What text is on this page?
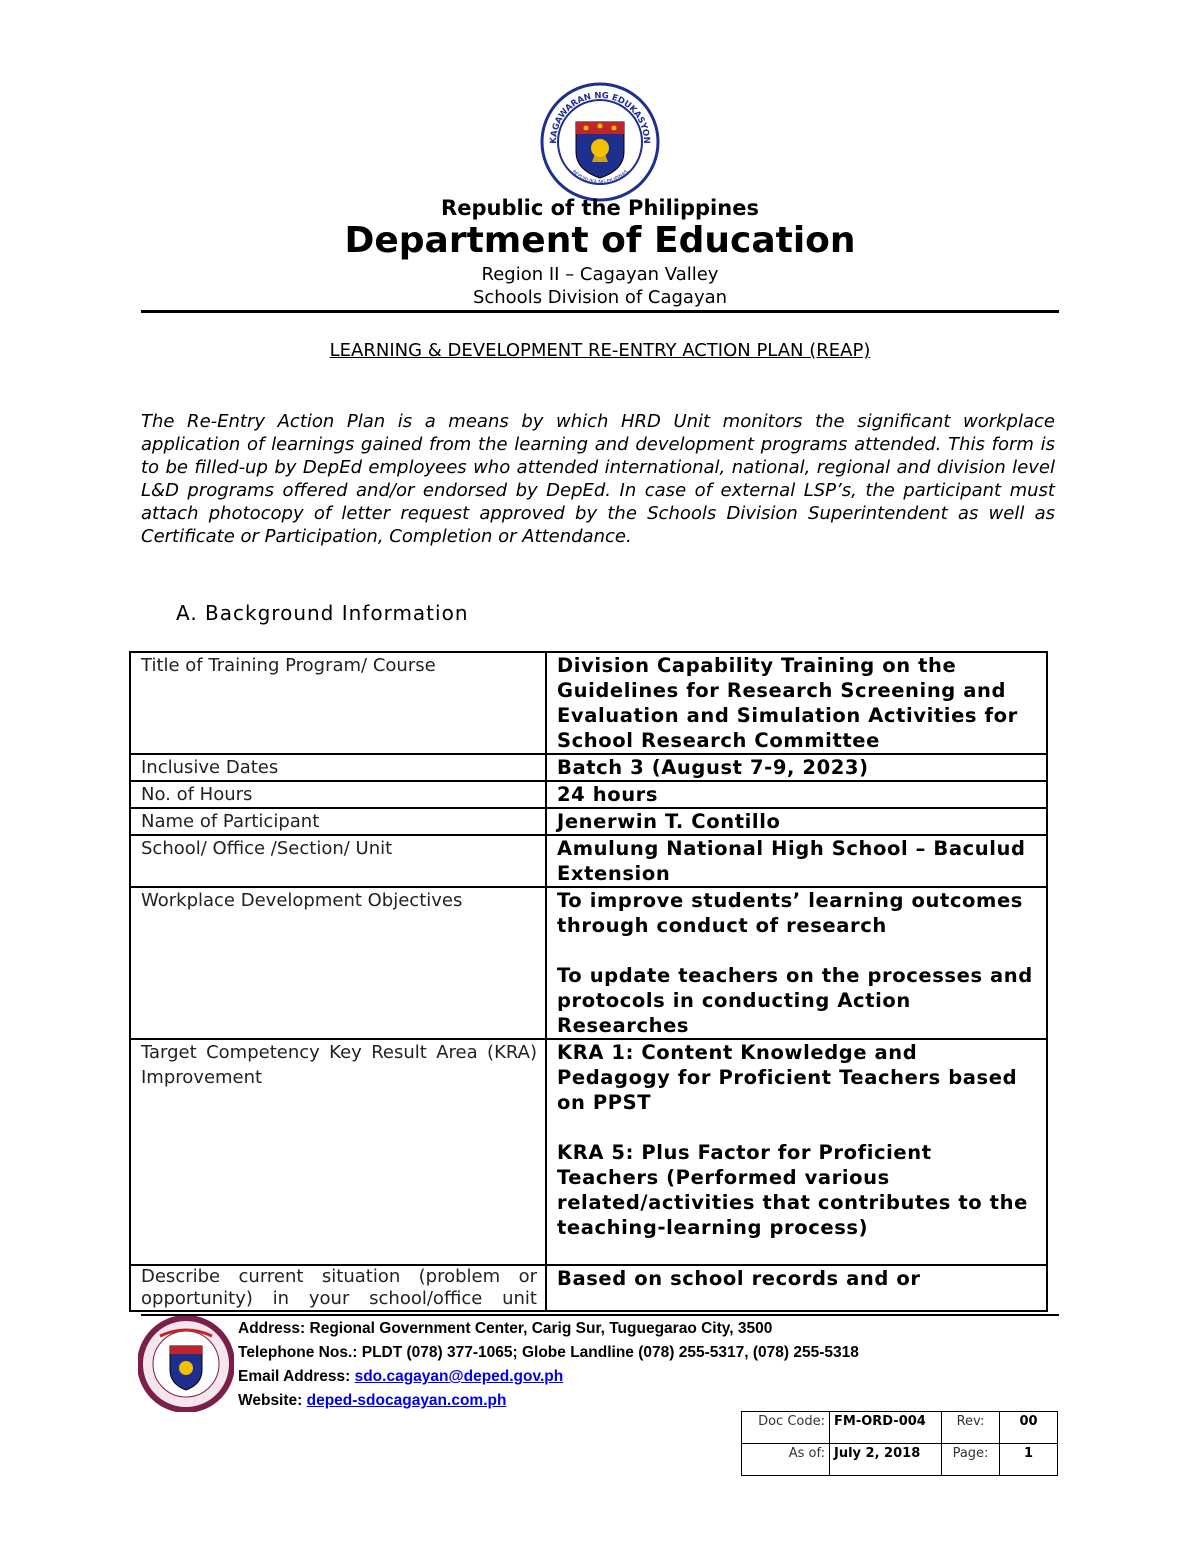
KAGAWARAN NG EDUKASYON
REPUBLIKA NG PILIPINAS
Republic of the Philippines
Department of Education
Region II – Cagayan Valley
Schools Division of Cagayan
LEARNING & DEVELOPMENT RE-ENTRY ACTION PLAN (REAP)
The Re-Entry Action Plan is a means by which HRD Unit monitors the significant workplace application of learnings gained from the learning and development programs attended. This form is to be filled-up by DepEd employees who attended international, national, regional and division level L&D programs offered and/or endorsed by DepEd. In case of external LSP’s, the participant must attach photocopy of letter request approved by the Schools Division Superintendent as well as Certificate or Participation, Completion or Attendance.
A. Background Information
Title of Training Program/ Course	Division Capability Training on the Guidelines for Research Screening and Evaluation and Simulation Activities for School Research Committee
Inclusive Dates	Batch 3 (August 7-9, 2023)
No. of Hours	24 hours
Name of Participant	Jenerwin T. Contillo
School/ Office /Section/ Unit	Amulung National High School – Baculud Extension
Workplace Development Objectives	To improve students’ learning outcomes through conduct of research
To update teachers on the processes and protocols in conducting Action Researches

Target Competency Key Result Area (KRA) Improvement	KRA 1: Content Knowledge and Pedagogy for Proficient Teachers based on PPST
KRA 5: Plus Factor for Proficient Teachers (Performed various related/activities that contributes to the teaching-learning process)

Describe current situation (problem or opportunity) in your school/office unit	Based on school records and or
Address: Regional Government Center, Carig Sur, Tuguegarao City, 3500
Telephone Nos.: PLDT (078) 377-1065; Globe Landline (078) 255-5317, (078) 255-5318
Email Address: sdo.cagayan@deped.gov.ph
Website: deped-sdocagayan.com.ph
Doc Code:	FM-ORD-004	Rev:	00
As of:	July 2, 2018	Page:	1
